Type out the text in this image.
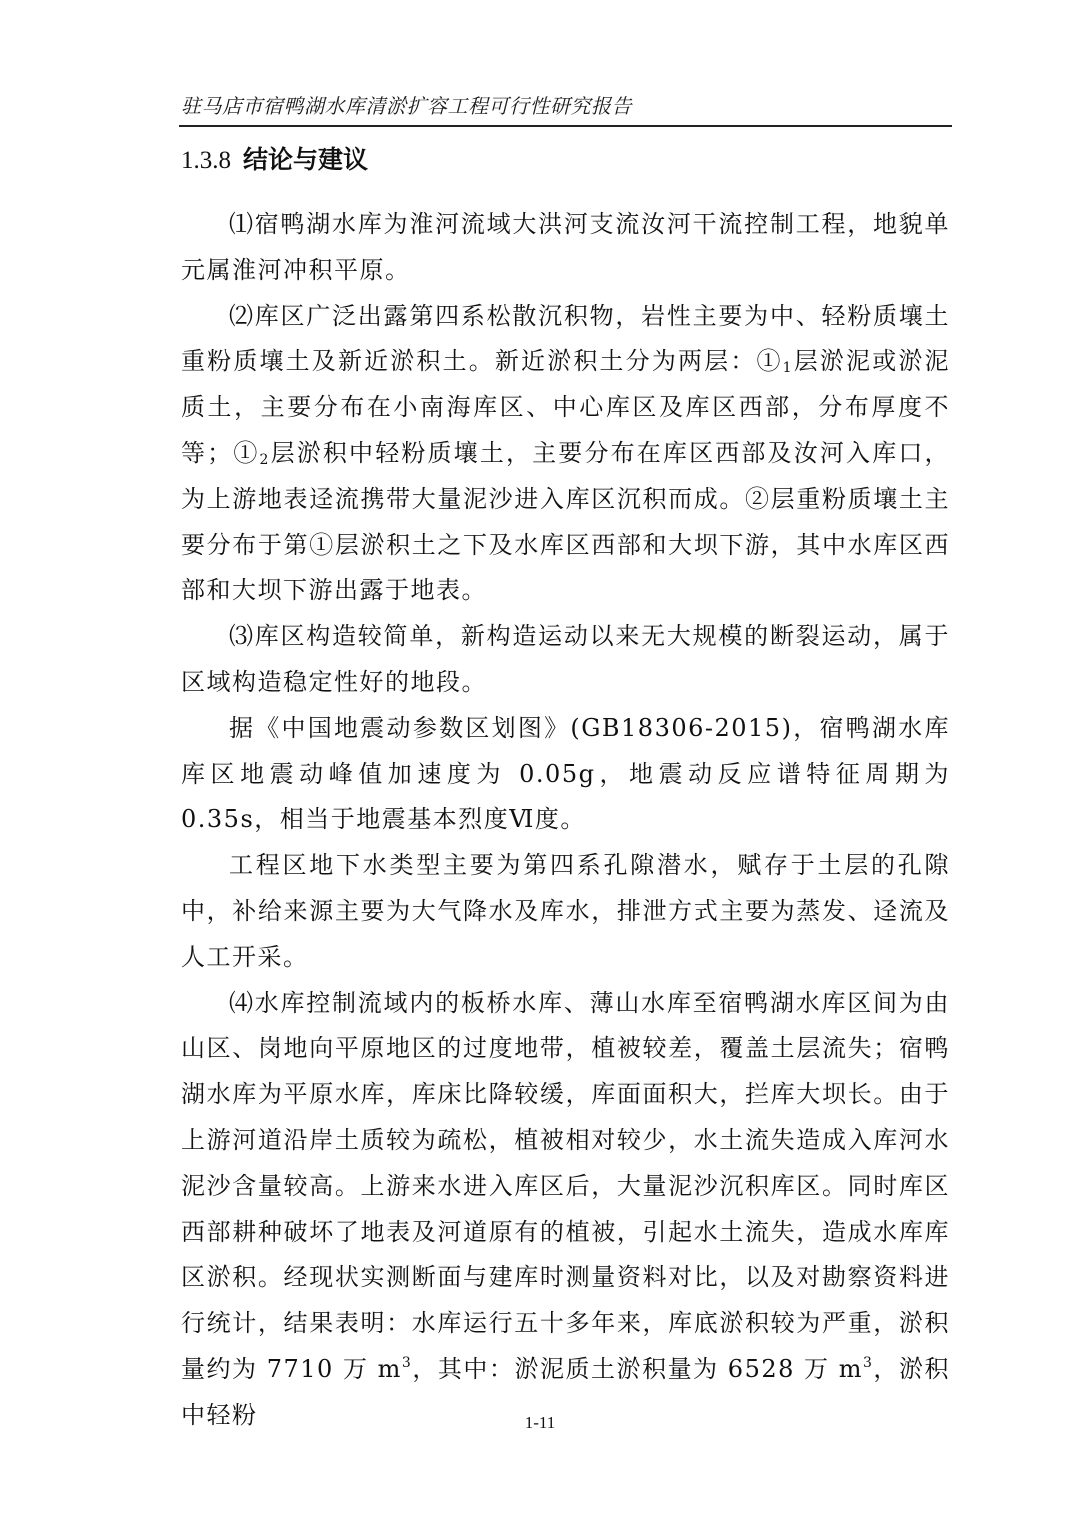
驻马店市宿鸭湖水库清淤扩容工程可行性研究报告
1.3.8 结论与建议

⑴宿鸭湖水库为淮河流域大洪河支流汝河干流控制工程，地貌单元属淮河冲积平原。

⑵库区广泛出露第四系松散沉积物，岩性主要为中、轻粉质壤土重粉质壤土及新近淤积土。新近淤积土分为两层：$①_1$层淤泥或淤泥质土，主要分布在小南海库区、中心库区及库区西部，分布厚度不等；$①_2$层淤积中轻粉质壤土，主要分布在库区西部及汝河入库口，为上游地表迳流携带大量泥沙进入库区沉积而成。②层重粉质壤土主要分布于第①层淤积土之下及水库区西部和大坝下游，其中水库区西部和大坝下游出露于地表。

⑶库区构造较简单，新构造运动以来无大规模的断裂运动，属于区域构造稳定性好的地段。

据《中国地震动参数区划图》(GB18306-2015)，宿鸭湖水库库区地震动峰值加速度为 0.05g，地震动反应谱特征周期为 0.35s，相当于地震基本烈度Ⅵ度。

工程区地下水类型主要为第四系孔隙潜水，赋存于土层的孔隙中，补给来源主要为大气降水及库水，排泄方式主要为蒸发、迳流及人工开采。

⑷水库控制流域内的板桥水库、薄山水库至宿鸭湖水库区间为由山区、岗地向平原地区的过度地带，植被较差，覆盖土层流失；宿鸭湖水库为平原水库，库床比降较缓，库面面积大，拦库大坝长。由于上游河道沿岸土质较为疏松，植被相对较少，水土流失造成入库河水泥沙含量较高。上游来水进入库区后，大量泥沙沉积库区。同时库区西部耕种破坏了地表及河道原有的植被，引起水土流失，造成水库库区淤积。经现状实测断面与建库时测量资料对比，以及对勘察资料进行统计，结果表明：水库运行五十多年来，库底淤积较为严重，淤积量约为 7710 万 $m^3$，其中：淤泥质土淤积量为 6528 万 $m^3$，淤积中轻粉	1-11
